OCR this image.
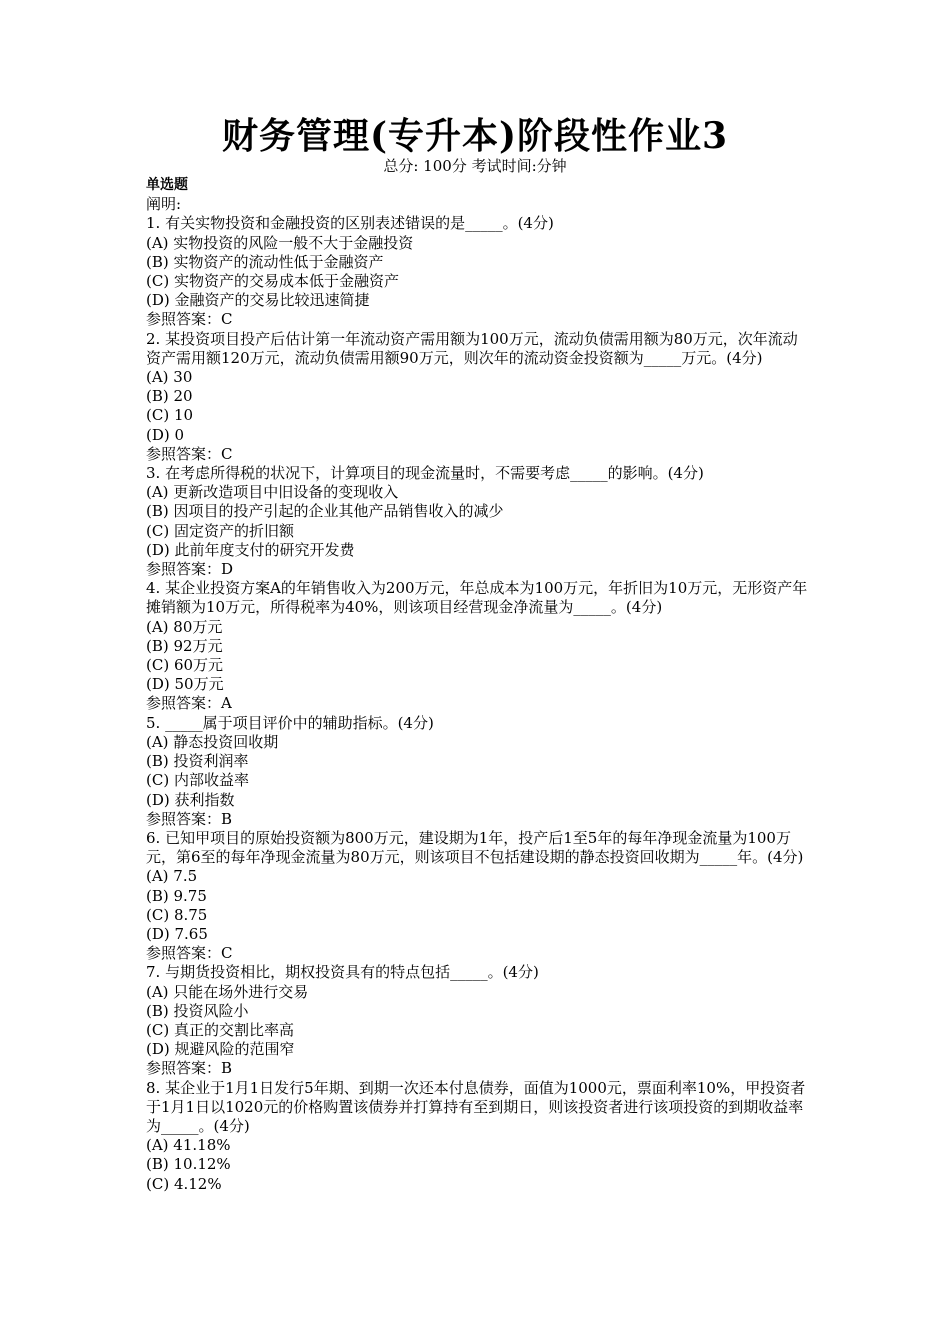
财务管理(专升本)阶段性作业3
总分: 100分 考试时间:分钟
单选题
阐明:
1. 有关实物投资和金融投资的区别表述错误的是_____。(4分)
(A) 实物投资的风险一般不大于金融投资
(B) 实物资产的流动性低于金融资产
(C) 实物资产的交易成本低于金融资产
(D) 金融资产的交易比较迅速简捷
参照答案：C
2. 某投资项目投产后估计第一年流动资产需用额为100万元，流动负债需用额为80万元，次年流动资产需用额120万元，流动负债需用额90万元，则次年的流动资金投资额为_____万元。(4分)
(A) 30
(B) 20
(C) 10
(D) 0
参照答案：C
3. 在考虑所得税的状况下，计算项目的现金流量时，不需要考虑_____的影响。(4分)
(A) 更新改造项目中旧设备的变现收入
(B) 因项目的投产引起的企业其他产品销售收入的减少
(C) 固定资产的折旧额
(D) 此前年度支付的研究开发费
参照答案：D
4. 某企业投资方案A的年销售收入为200万元，年总成本为100万元，年折旧为10万元，无形资产年摊销额为10万元，所得税率为40%，则该项目经营现金净流量为_____。(4分)
(A) 80万元
(B) 92万元
(C) 60万元
(D) 50万元
参照答案：A
5. _____属于项目评价中的辅助指标。(4分)
(A) 静态投资回收期
(B) 投资利润率
(C) 内部收益率
(D) 获利指数
参照答案：B
6. 已知甲项目的原始投资额为800万元，建设期为1年，投产后1至5年的每年净现金流量为100万元，第6至的每年净现金流量为80万元，则该项目不包括建设期的静态投资回收期为_____年。(4分)
(A) 7.5
(B) 9.75
(C) 8.75
(D) 7.65
参照答案：C
7. 与期货投资相比，期权投资具有的特点包括_____。(4分)
(A) 只能在场外进行交易
(B) 投资风险小
(C) 真正的交割比率高
(D) 规避风险的范围窄
参照答案：B
8. 某企业于1月1日发行5年期、到期一次还本付息债券，面值为1000元，票面利率10%，甲投资者于1月1日以1020元的价格购置该债券并打算持有至到期日，则该投资者进行该项投资的到期收益率为_____。(4分)
(A) 41.18%
(B) 10.12%
(C) 4.12%
